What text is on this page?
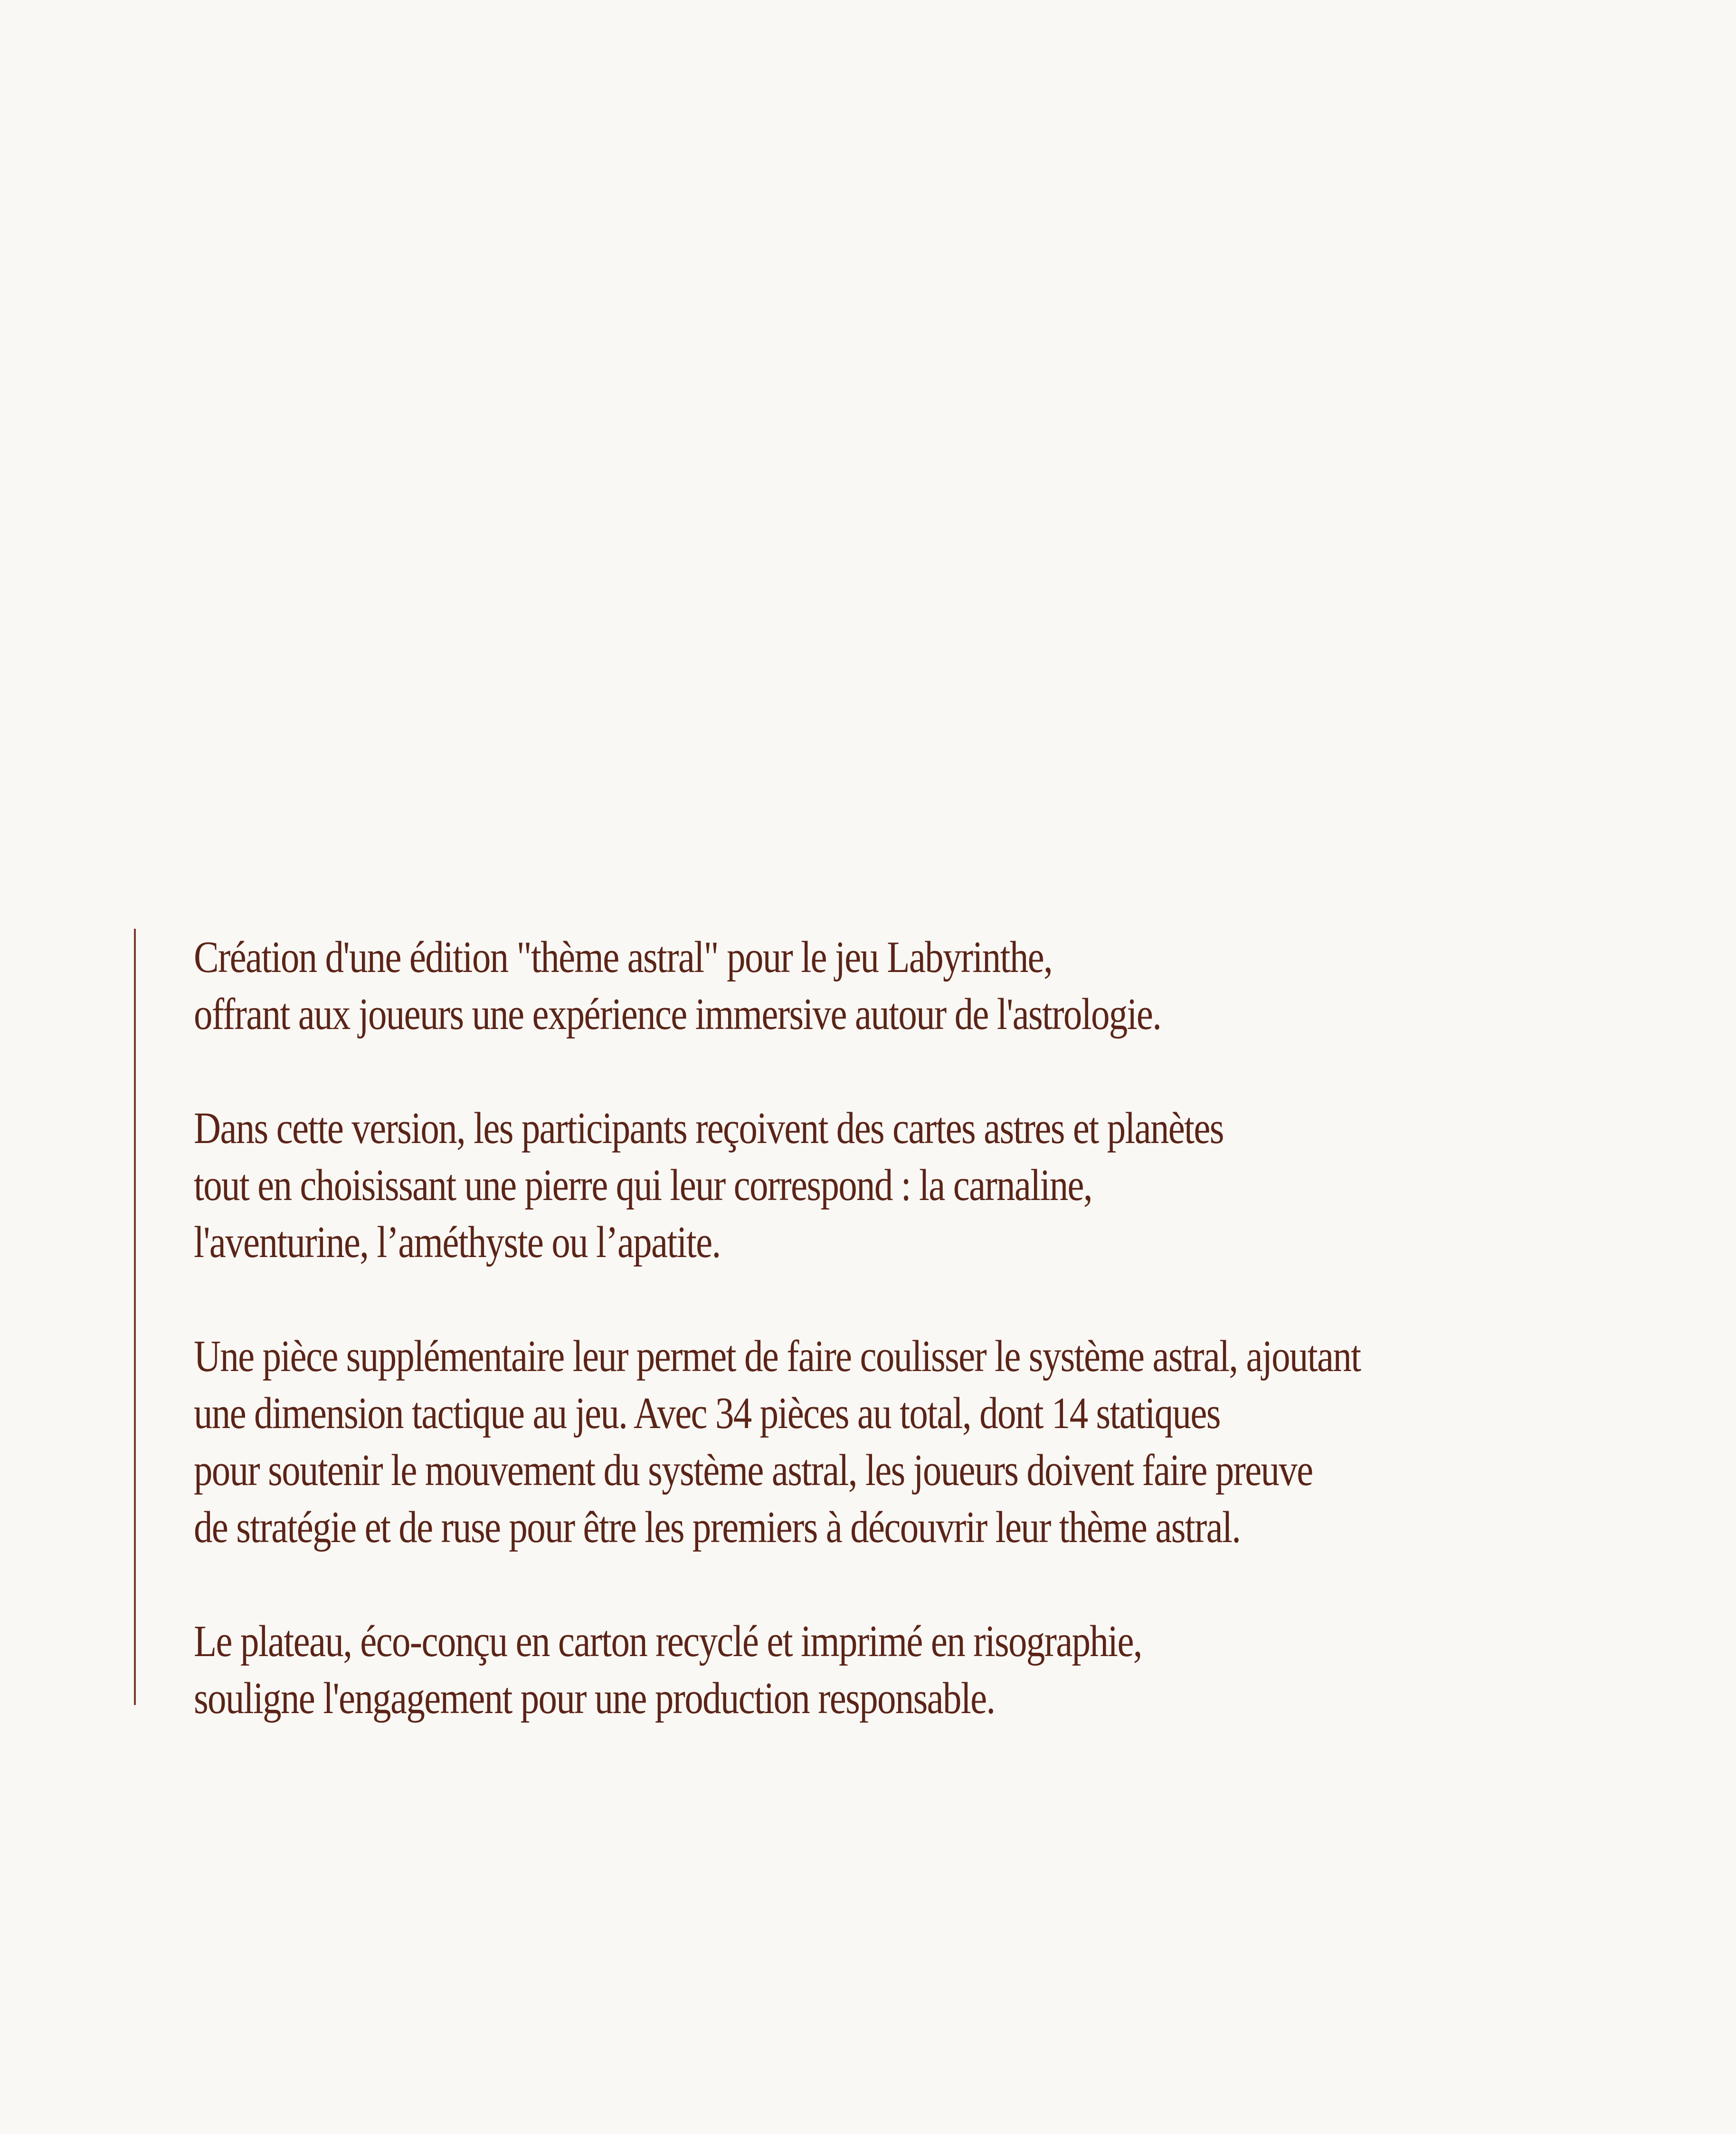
Création d'une édition "thème astral" pour le jeu Labyrinthe,
offrant aux joueurs une expérience immersive autour de l'astrologie.

Dans cette version, les participants reçoivent des cartes astres et planètes
tout en choisissant une pierre qui leur correspond : la carnaline,
l'aventurine, l’améthyste ou l’apatite.

Une pièce supplémentaire leur permet de faire coulisser le système astral, ajoutant
une dimension tactique au jeu. Avec 34 pièces au total, dont 14 statiques
pour soutenir le mouvement du système astral, les joueurs doivent faire preuve
de stratégie et de ruse pour être les premiers à découvrir leur thème astral.

Le plateau, éco-conçu en carton recyclé et imprimé en risographie,
souligne l'engagement pour une production responsable.
